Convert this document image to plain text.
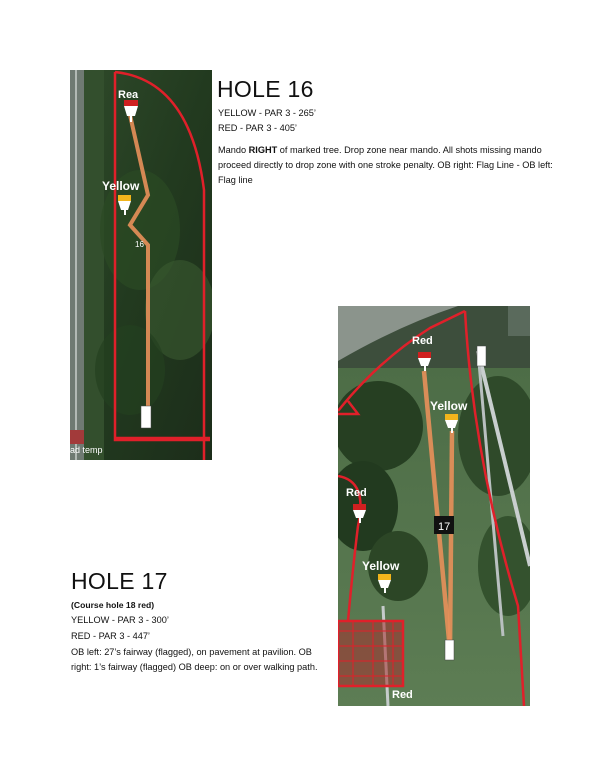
Rea
Yellow
16
ad temp
HOLE 16

YELLOW - PAR 3 - 265’

RED - PAR 3 - 405’

Mando RIGHT of marked tree. Drop zone near mando. All shots missing mando proceed directly to drop zone with one stroke penalty. OB right: Flag Line - OB left: Flag line

17
Red
Yellow
Red
Yellow
Red
HOLE 17

(Course hole 18 red)

YELLOW - PAR 3 - 300’

RED - PAR 3 - 447’

OB left: 27’s fairway (flagged), on pavement at pavilion. OB right: 1’s fairway (flagged) OB deep: on or over walking path.
